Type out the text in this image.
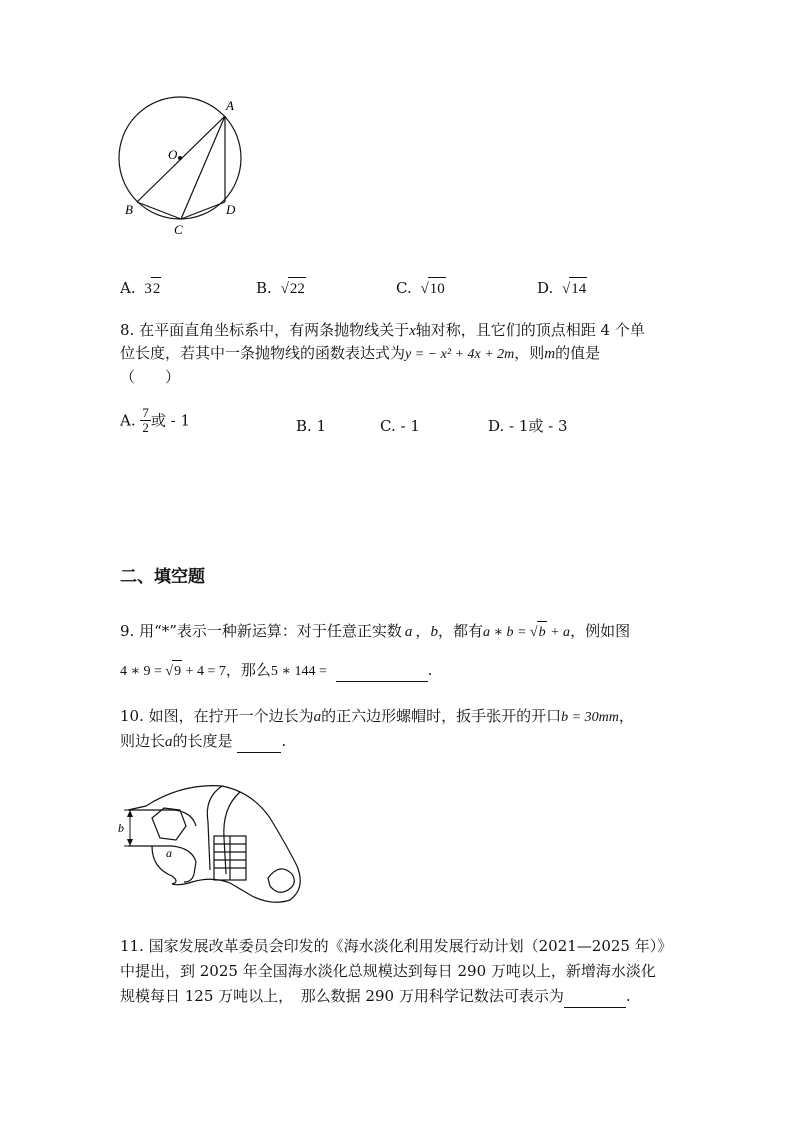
A
O
B
C
D
A. 32	B. √22	C. √10	D. √14
8. 在平面直角坐标系中，有两条抛物线关于x轴对称，且它们的顶点相距 4 个单
位长度，若其中一条抛物线的函数表达式为y = − x² + 4x + 2m，则m的值是
（　　）
A. $\frac{7}{2}$ 或 - 1	B. 1	C. - 1	D. - 1或 - 3
二、填空题
9. 用“*”表示一种新运算：对于任意正实数 a ，b，都有a ∗ b = √b + a，例如图
4 ∗ 9 = √9 + 4 = 7，那么5 ∗ 144 =	.
10. 如图，在拧开一个边长为a的正六边形螺帽时，扳手张开的开口b = 30mm，
则边长a的长度是	.
b
a
11. 国家发展改革委员会印发的《海水淡化利用发展行动计划（2021—2025 年）》
中提出，到 2025 年全国海水淡化总规模达到每日 290 万吨以上，新增海水淡化
规模每日 125 万吨以上，　那么数据 290 万用科学记数法可表示为	.
